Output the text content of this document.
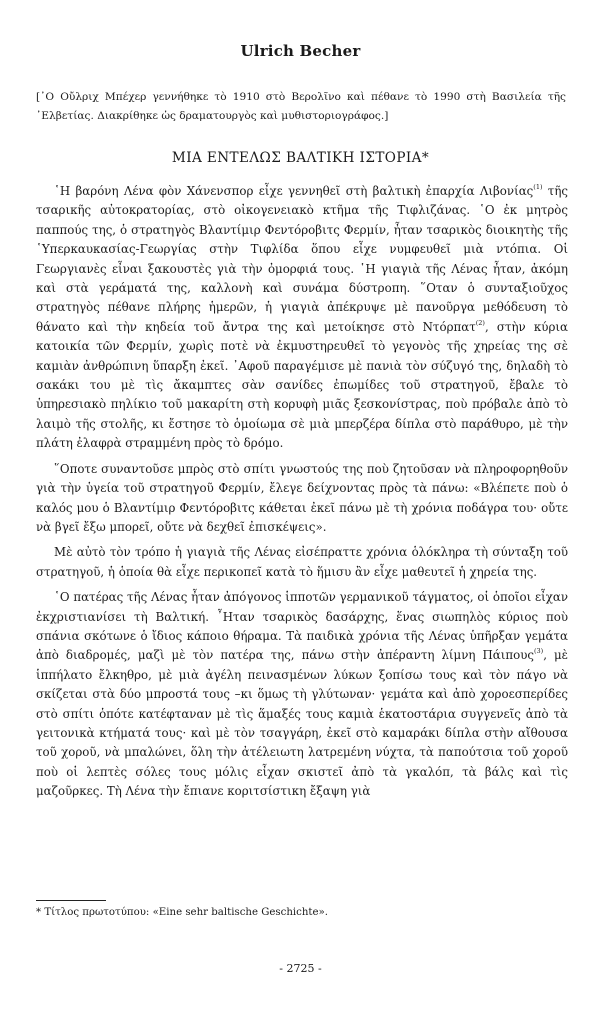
Ulrich Becher
[᾿Ο Οὔλριχ Μπέχερ γεννήθηκε τὸ 1910 στὸ Βερολῖνο καὶ πέθανε τὸ 1990 στὴ Βασιλεία τῆς ᾿Ελβετίας. Διακρίθηκε ὡς δραματουργὸς καὶ μυθιστοριογράφος.]
ΜΙΑ ΕΝΤΕΛΩΣ ΒΑΛΤΙΚΗ ΙΣΤΟΡΙΑ*

῾Η βαρόνη Λένα φὸν Χάνενσπορ εἶχε γεννηθεῖ στὴ βαλτικὴ ἐπαρχία Λιβονίας$^{(1)}$ τῆς τσαρικῆς αὐτοκρατορίας, στὸ οἰκογενειακὸ κτῆμα τῆς Τιφλιζάνας. ῾Ο ἐκ μητρὸς παππούς της, ὁ στρατηγὸς Βλαντίμιρ Φεντόροβιτς Φερμίν, ἦταν τσαρικὸς διοικητὴς τῆς ῾Υπερκαυκασίας-Γεωργίας στὴν Τιφλίδα ὅπου εἶχε νυμφευθεῖ μιὰ ντόπια. Οἱ Γεωργιανὲς εἶναι ξακουστὲς γιὰ τὴν ὀμορφιά τους. ῾Η γιαγιὰ τῆς Λένας ἦταν, ἀκόμη καὶ στὰ γεράματά της, καλλονὴ καὶ συνάμα δύστροπη. ῞Οταν ὁ συνταξιοῦχος στρατηγὸς πέθανε πλήρης ἡμερῶν, ἡ γιαγιὰ ἀπέκρυψε μὲ πανοῦργα μεθόδευση τὸ θάνατο καὶ τὴν κηδεία τοῦ ἄντρα της καὶ μετοίκησε στὸ Ντόρπατ$^{(2)}$, στὴν κύρια κατοικία τῶν Φερμίν, χωρὶς ποτὲ νὰ ἐκμυστηρευθεῖ τὸ γεγονὸς τῆς χηρείας της σὲ καμιὰν ἀνθρώπινη ὕπαρξη ἐκεῖ. ᾿Αφοῦ παραγέμισε μὲ πανιὰ τὸν σύζυγό της, δηλαδὴ τὸ σακάκι του μὲ τὶς ἄκαμπτες σὰν σανίδες ἐπωμίδες τοῦ στρατηγοῦ, ἔβαλε τὸ ὑπηρεσιακὸ πηλίκιο τοῦ μακαρίτη στὴ κορυφὴ μιᾶς ξεσκονίστρας, ποὺ πρόβαλε ἀπὸ τὸ λαιμὸ τῆς στολῆς, κι ἔστησε τὸ ὁμοίωμα σὲ μιὰ μπερζέρα δίπλα στὸ παράθυρο, μὲ τὴν πλάτη ἐλαφρὰ στραμμένη πρὸς τὸ δρόμο.

῞Οποτε συναντοῦσε μπρὸς στὸ σπίτι γνωστούς της ποὺ ζητοῦσαν νὰ πληροφορηθοῦν γιὰ τὴν ὑγεία τοῦ στρατηγοῦ Φερμίν, ἔλεγε δείχνοντας πρὸς τὰ πάνω: «Βλέπετε ποὺ ὁ καλός μου ὁ Βλαντίμιρ Φεντόροβιτς κάθεται ἐκεῖ πάνω μὲ τὴ χρόνια ποδάγρα του· οὔτε νὰ βγεῖ ἔξω μπορεῖ, οὔτε νὰ δεχθεῖ ἐπισκέψεις».

Μὲ αὐτὸ τὸν τρόπο ἡ γιαγιὰ τῆς Λένας εἰσέπραττε χρόνια ὁλόκληρα τὴ σύνταξη τοῦ στρατηγοῦ, ἡ ὁποία θὰ εἶχε περικοπεῖ κατὰ τὸ ἥμισυ ἂν εἶχε μαθευτεῖ ἡ χηρεία της.

῾Ο πατέρας τῆς Λένας ἦταν ἀπόγονος ἱπποτῶν γερμανικοῦ τάγματος, οἱ ὁποῖοι εἶχαν ἐκχριστιανίσει τὴ Βαλτική. ῏Ηταν τσαρικὸς δασάρχης, ἕνας σιωπηλὸς κύριος ποὺ σπάνια σκότωνε ὁ ἴδιος κάποιο θήραμα. Τὰ παιδικὰ χρόνια τῆς Λένας ὑπῆρξαν γεμάτα ἀπὸ διαδρομές, μαζὶ μὲ τὸν πατέρα της, πάνω στὴν ἀπέραντη λίμνη Πάιπους$^{(3)}$, μὲ ἱππήλατο ἔλκηθρο, μὲ μιὰ ἀγέλη πεινασμένων λύκων ξοπίσω τους καὶ τὸν πάγο νὰ σκίζεται στὰ δύο μπροστά τους –κι ὅμως τὴ γλύτωναν· γεμάτα καὶ ἀπὸ χοροεσπερίδες στὸ σπίτι ὁπότε κατέφταναν μὲ τὶς ἅμαξές τους καμιὰ ἑκατοστάρια συγγενεῖς ἀπὸ τὰ γειτονικὰ κτήματά τους· καὶ μὲ τὸν τσαγγάρη, ἐκεῖ στὸ καμαράκι δίπλα στὴν αἴθουσα τοῦ χοροῦ, νὰ μπαλώνει, ὅλη τὴν ἀτέλειωτη λατρεμένη νύχτα, τὰ παπούτσια τοῦ χοροῦ ποὺ οἱ λεπτὲς σόλες τους μόλις εἶχαν σκιστεῖ ἀπὸ τὰ γκαλόπ, τὰ βάλς καὶ τὶς μαζοῦρκες. Τὴ Λένα τὴν ἔπιανε κοριτσίστικη ἔξαψη γιὰ

* Τίτλος πρωτοτύπου: «Eine sehr baltische Geschichte».
- 2725 -
